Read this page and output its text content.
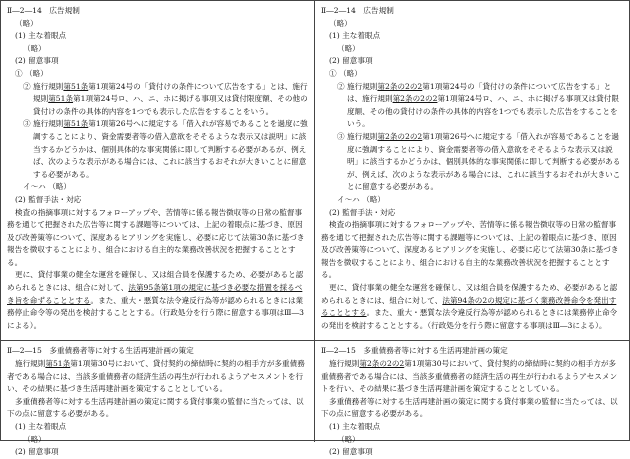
Ⅱ―2―14　広告規制

（略）

(1) 主な着眼点

（略）

(2) 留意事項

① （略）

② 施行規則第51条第1項第24号の「貸付けの条件について広告をする」とは、施行規則第51条第1項第24号ロ、ハ、ニ、ホに掲げる事項又は貸付限度額、その他の貸付けの条件の具体的内容を1つでも表示した広告をすることをいう。

③ 施行規則第51条第1項第26号へに規定する「借入れが容易であることを過度に強調することにより、資金需要者等の借入意欲をそそるような表示又は説明」に該当するかどうかは、個別具体的な事実関係に即して判断する必要があるが、例えば、次のような表示がある場合には、これに該当するおそれが大きいことに留意する必要がある。

イ～ハ （略）

(2) 監督手法・対応

検査の指摘事項に対するフォローアップや、苦情等に係る報告徴収等の日常の監督事務を通じて把握された広告等に関する課題等については、上記の着眼点に基づき、原因及び改善策等について、深度あるヒアリングを実施し、必要に応じて法第30条に基づき報告を徴収することにより、組合における自主的な業務改善状況を把握することとする。

更に、貸付事業の健全な運営を確保し、又は組合員を保護するため、必要があると認められるときには、組合に対して、法第95条第1項の規定に基づき必要な措置を採るべき旨を命ずることとする。また、重大・悪質な法令違反行為等が認められるときには業務停止命令等の発出を検討することとする。（行政処分を行う際に留意する事項はⅢ―3による）。

Ⅱ―2―15　多重債務者等に対する生活再建計画の策定

施行規則第51条第1項第30号において、貸付契約の締結時に契約の相手方が多重債務者である場合には、当該多重債務者の経済生活の再生が行われるようアセスメントを行い、その結果に基づき生活再建計画を策定することとしている。

多重債務者等に対する生活再建計画の策定に関する貸付事業の監督に当たっては、以下の点に留意する必要がある。

(1) 主な着眼点

（略）

(2) 留意事項

Ⅱ―2―14　広告規制

（略）

(1) 主な着眼点

（略）

(2) 留意事項

① （略）

② 施行規則第2条の2の2第1項第24号の「貸付けの条件について広告をする」とは、施行規則第2条の2の2第1項第24号ロ、ハ、ニ、ホに掲げる事項又は貸付限度額、その他の貸付けの条件の具体的内容を1つでも表示した広告をすることをいう。

③ 施行規則第2条の2の2第1項第26号へに規定する「借入れが容易であることを過度に強調することにより、資金需要者等の借入意欲をそそるような表示又は説明」に該当するかどうかは、個別具体的な事実関係に即して判断する必要があるが、例えば、次のような表示がある場合には、これに該当するおそれが大きいことに留意する必要がある。

イ～ハ （略）

(2) 監督手法・対応

検査の指摘事項に対するフォローアップや、苦情等に係る報告徴収等の日常の監督事務を通じて把握された広告等に関する課題等については、上記の着眼点に基づき、原因及び改善策等について、深度あるヒアリングを実施し、必要に応じて法第30条に基づき報告を徴収することにより、組合における自主的な業務改善状況を把握することとする。

更に、貸付事業の健全な運営を確保し、又は組合員を保護するため、必要があると認められるときには、組合に対して、法第94条の2の規定に基づく業務改善命令を発出することとする。また、重大・悪質な法令違反行為等が認められるときには業務停止命令の発出を検討することとする。（行政処分を行う際に留意する事項はⅢ―3による）。

Ⅱ―2―15　多重債務者等に対する生活再建計画の策定

施行規則第2条の2の2第1項第30号において、貸付契約の締結時に契約の相手方が多重債務者である場合には、当該多重債務者の経済生活の再生が行われるようアセスメントを行い、その結果に基づき生活再建計画を策定することとしている。

多重債務者等に対する生活再建計画の策定に関する貸付事業の監督に当たっては、以下の点に留意する必要がある。

(1) 主な着眼点

（略）

(2) 留意事項
